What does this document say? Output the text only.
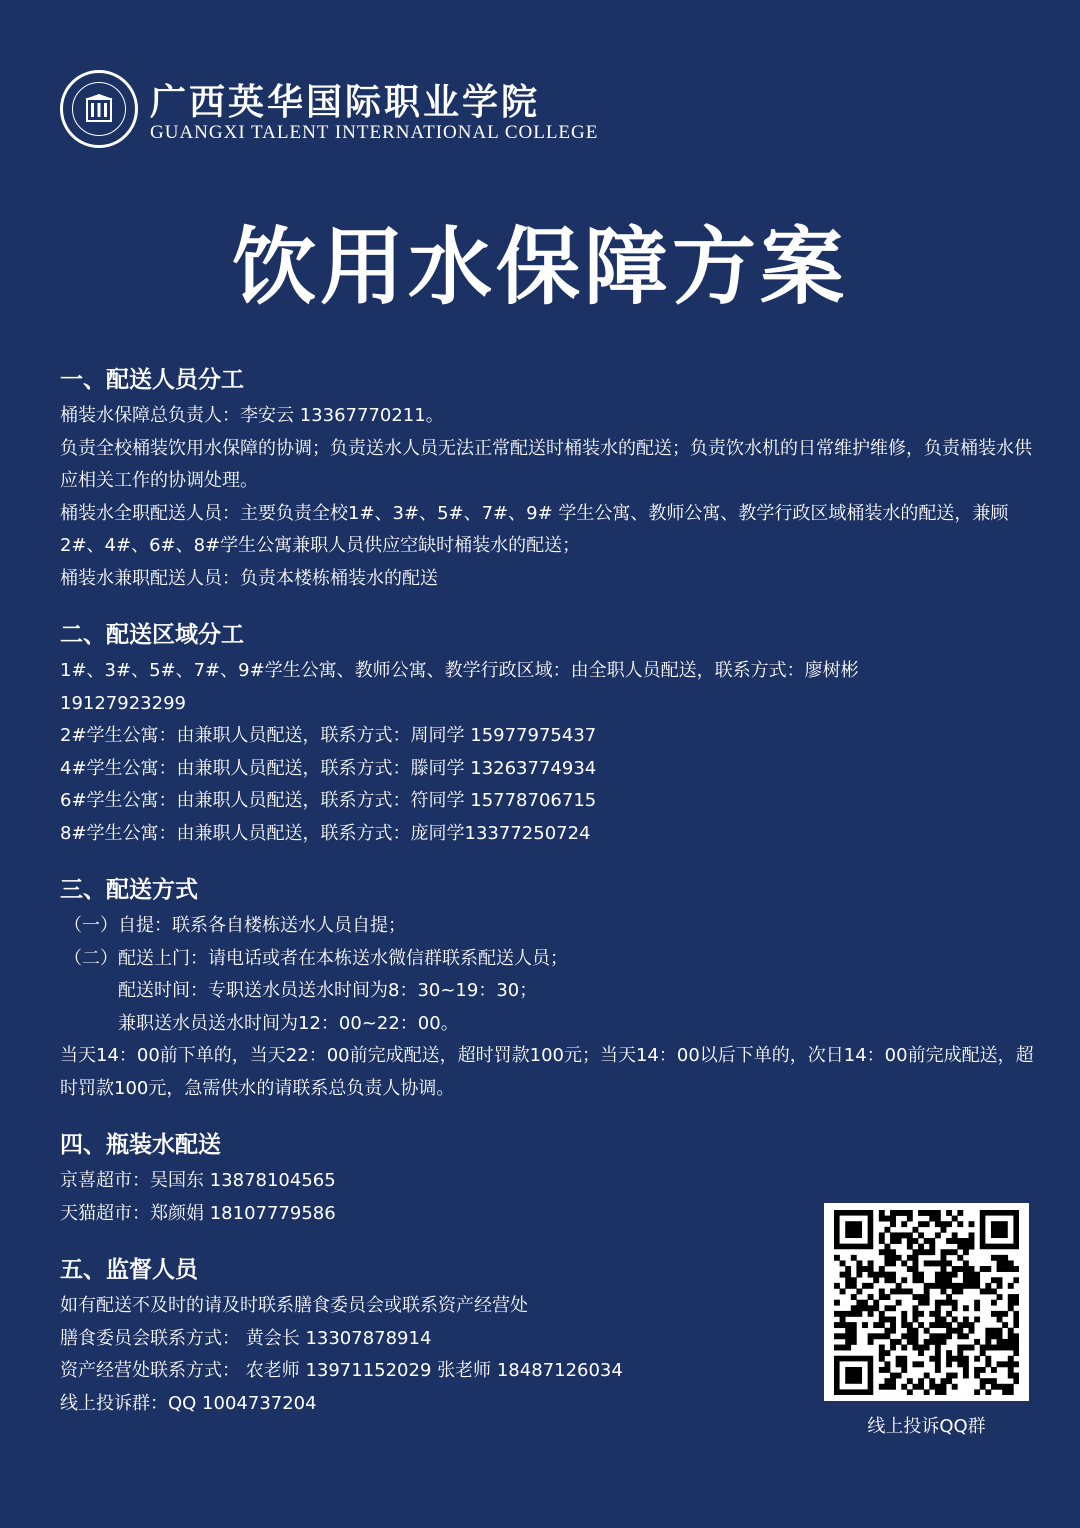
广西英华国际职业学院
GUANGXI TALENT INTERNATIONAL COLLEGE
饮用水保障方案
一、配送人员分工
桶装水保障总负责人：李安云 13367770211。
负责全校桶装饮用水保障的协调；负责送水人员无法正常配送时桶装水的配送；负责饮水机的日常维护维修，负责桶装水供应相关工作的协调处理。
桶装水全职配送人员：主要负责全校1#、3#、5#、7#、9# 学生公寓、教师公寓、教学行政区域桶装水的配送，兼顾2#、4#、6#、8#学生公寓兼职人员供应空缺时桶装水的配送；
桶装水兼职配送人员：负责本楼栋桶装水的配送
二、配送区域分工
1#、3#、5#、7#、9#学生公寓、教师公寓、教学行政区域：由全职人员配送，联系方式：廖树彬 19127923299
2#学生公寓：由兼职人员配送，联系方式：周同学 15977975437
4#学生公寓：由兼职人员配送，联系方式：滕同学 13263774934
6#学生公寓：由兼职人员配送，联系方式：符同学 15778706715
8#学生公寓：由兼职人员配送，联系方式：庞同学13377250724
三、配送方式
（一）自提：联系各自楼栋送水人员自提；
（二）配送上门：请电话或者在本栋送水微信群联系配送人员；
配送时间：专职送水员送水时间为8：30~19：30；
兼职送水员送水时间为12：00~22：00。
当天14：00前下单的，当天22：00前完成配送，超时罚款100元；当天14：00以后下单的，次日14：00前完成配送，超时罚款100元，急需供水的请联系总负责人协调。
四、瓶装水配送
京喜超市：吴国东 13878104565
天猫超市：郑颜娟 18107779586
五、监督人员
如有配送不及时的请及时联系膳食委员会或联系资产经营处
膳食委员会联系方式： 黄会长 13307878914
资产经营处联系方式： 农老师 13971152029 张老师 18487126034
线上投诉群：QQ 1004737204
线上投诉QQ群
